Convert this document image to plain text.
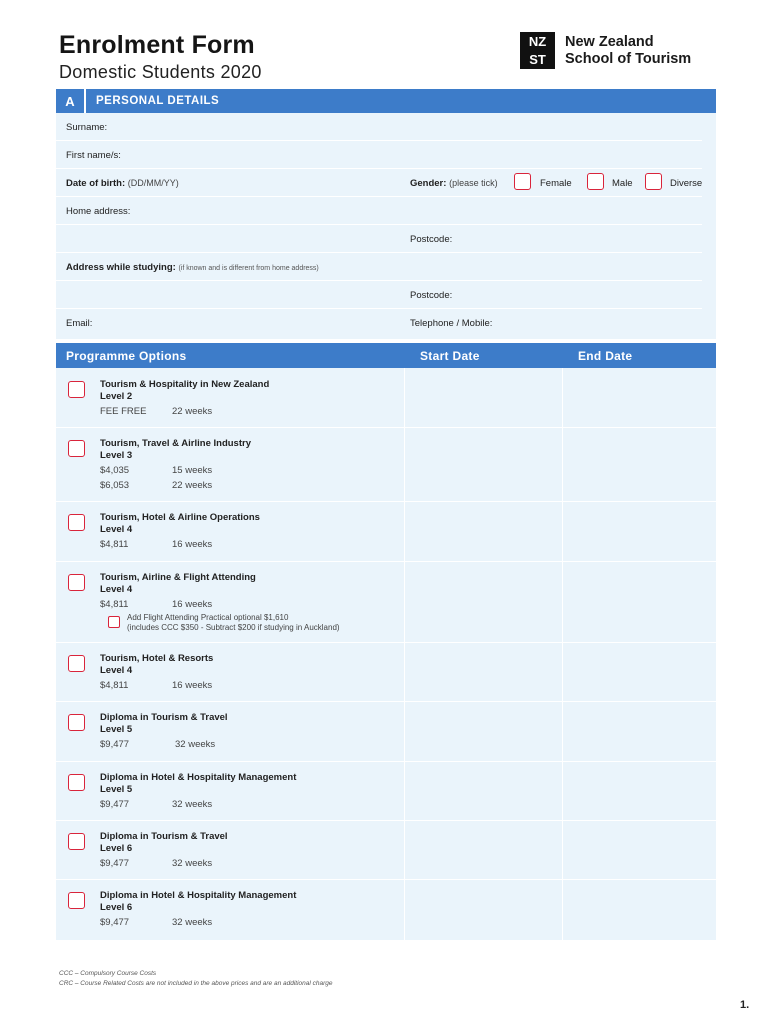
Enrolment Form
Domestic Students 2020
NZ
ST
New Zealand
School of Tourism
A	PERSONAL DETAILS
Surname:
First name/s:
Date of birth: (DD/MM/YY)	Gender: (please tick)	Female	Male	Diverse
Home address:
Postcode:
Address while studying: (if known and is different from home address)
Postcode:
Email:	Telephone / Mobile:
Programme Options	Start Date	End Date
Tourism & Hospitality in New Zealand
Level 2
FEE FREE	22 weeks
Tourism, Travel & Airline Industry
Level 3
$4,035	15 weeks
$6,053	22 weeks
Tourism, Hotel & Airline Operations
Level 4
$4,811	16 weeks
Tourism, Airline & Flight Attending
Level 4
$4,811	16 weeks
Add Flight Attending Practical optional $1,610
(includes CCC $350 - Subtract $200 if studying in Auckland)
Tourism, Hotel & Resorts
Level 4
$4,811	16 weeks
Diploma in Tourism & Travel
Level 5
$9,477	32 weeks
Diploma in Hotel & Hospitality Management
Level 5
$9,477	32 weeks
Diploma in Tourism & Travel
Level 6
$9,477	32 weeks
Diploma in Hotel & Hospitality Management
Level 6
$9,477	32 weeks
CCC – Compulsory Course Costs
CRC – Course Related Costs are not included in the above prices and are an additional charge
1.
